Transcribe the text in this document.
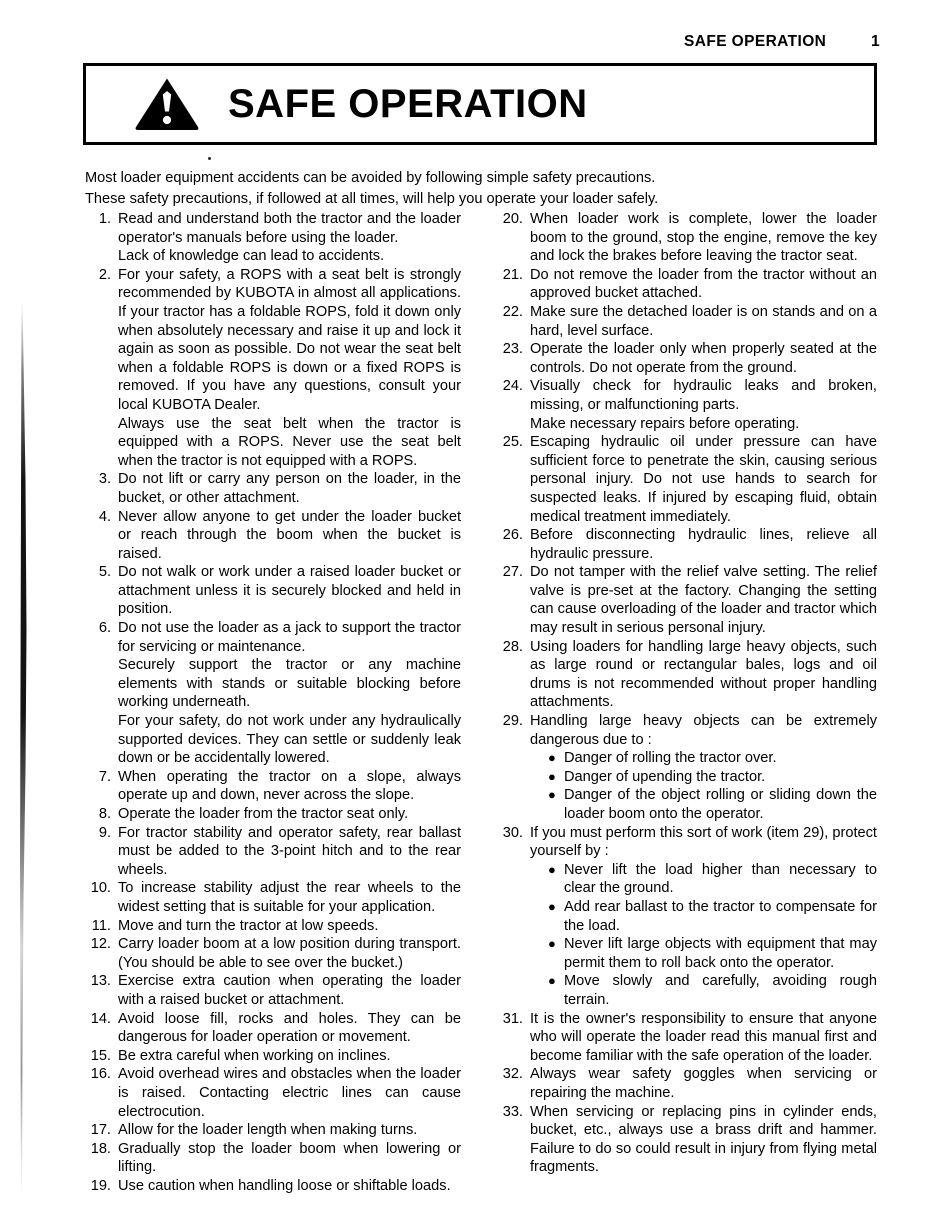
SAFE OPERATION	1
SAFE OPERATION
Most loader equipment accidents can be avoided by following simple safety precautions.
These safety precautions, if followed at all times, will help you operate your loader safely.
1. Read and understand both the tractor and the loader operator's manuals before using the loader.

Lack of knowledge can lead to accidents.

2. For your safety, a ROPS with a seat belt is strongly recommended by KUBOTA in almost all applications. If your tractor has a foldable ROPS, fold it down only when absolutely necessary and raise it up and lock it again as soon as possible. Do not wear the seat belt when a foldable ROPS is down or a fixed ROPS is removed. If you have any questions, consult your local KUBOTA Dealer.

Always use the seat belt when the tractor is equipped with a ROPS. Never use the seat belt when the tractor is not equipped with a ROPS.

3. Do not lift or carry any person on the loader, in the bucket, or other attachment.

4. Never allow anyone to get under the loader bucket or reach through the boom when the bucket is raised.

5. Do not walk or work under a raised loader bucket or attachment unless it is securely blocked and held in position.

6. Do not use the loader as a jack to support the tractor for servicing or maintenance.

Securely support the tractor or any machine elements with stands or suitable blocking before working underneath.

For your safety, do not work under any hydraulically supported devices. They can settle or suddenly leak down or be accidentally lowered.

7. When operating the tractor on a slope, always operate up and down, never across the slope.

8. Operate the loader from the tractor seat only.

9. For tractor stability and operator safety, rear ballast must be added to the 3-point hitch and to the rear wheels.

10. To increase stability adjust the rear wheels to the widest setting that is suitable for your application.

11. Move and turn the tractor at low speeds.

12. Carry loader boom at a low position during transport. (You should be able to see over the bucket.)

13. Exercise extra caution when operating the loader with a raised bucket or attachment.

14. Avoid loose fill, rocks and holes. They can be dangerous for loader operation or movement.

15. Be extra careful when working on inclines.

16. Avoid overhead wires and obstacles when the loader is raised. Contacting electric lines can cause electrocution.

17. Allow for the loader length when making turns.

18. Gradually stop the loader boom when lowering or lifting.

19. Use caution when handling loose or shiftable loads.

20. When loader work is complete, lower the loader boom to the ground, stop the engine, remove the key and lock the brakes before leaving the tractor seat.

21. Do not remove the loader from the tractor without an approved bucket attached.

22. Make sure the detached loader is on stands and on a hard, level surface.

23. Operate the loader only when properly seated at the controls. Do not operate from the ground.

24. Visually check for hydraulic leaks and broken, missing, or malfunctioning parts.

Make necessary repairs before operating.

25. Escaping hydraulic oil under pressure can have sufficient force to penetrate the skin, causing serious personal injury. Do not use hands to search for suspected leaks. If injured by escaping fluid, obtain medical treatment immediately.

26. Before disconnecting hydraulic lines, relieve all hydraulic pressure.

27. Do not tamper with the relief valve setting. The relief valve is pre-set at the factory. Changing the setting can cause overloading of the loader and tractor which may result in serious personal injury.

28. Using loaders for handling large heavy objects, such as large round or rectangular bales, logs and oil drums is not recommended without proper handling attachments.

29. Handling large heavy objects can be extremely dangerous due to :

● Danger of rolling the tractor over.
● Danger of upending the tractor.
● Danger of the object rolling or sliding down the loader boom onto the operator.
30. If you must perform this sort of work (item 29), protect yourself by :

● Never lift the load higher than necessary to clear the ground.
● Add rear ballast to the tractor to compensate for the load.
● Never lift large objects with equipment that may permit them to roll back onto the operator.
● Move slowly and carefully, avoiding rough terrain.
31. It is the owner's responsibility to ensure that anyone who will operate the loader read this manual first and become familiar with the safe operation of the loader.

32. Always wear safety goggles when servicing or repairing the machine.

33. When servicing or replacing pins in cylinder ends, bucket, etc., always use a brass drift and hammer. Failure to do so could result in injury from flying metal fragments.
